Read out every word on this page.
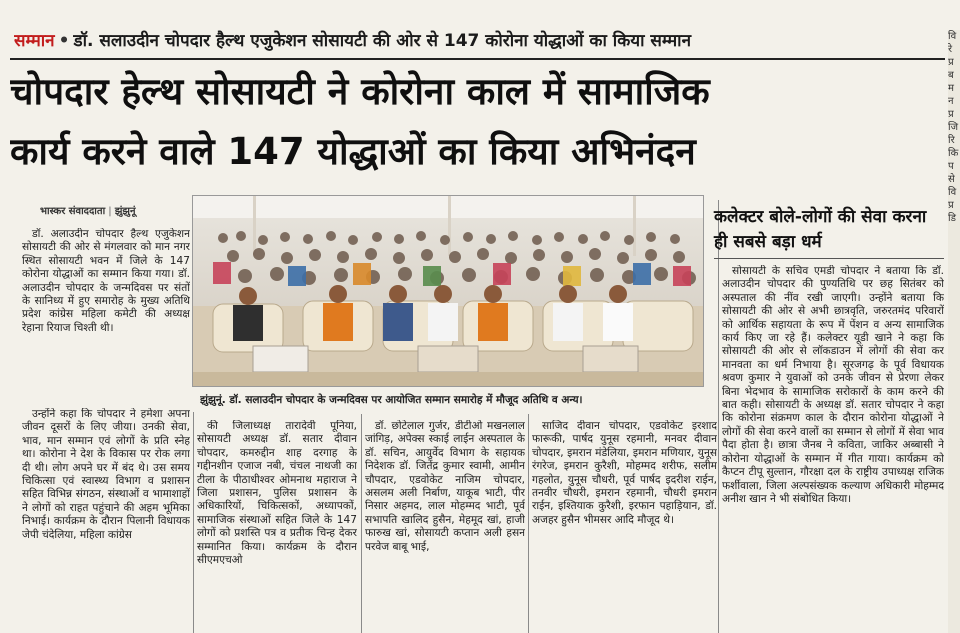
सम्मान • डॉ. सलाउदीन चोपदार हैल्थ एजुकेशन सोसायटी की ओर से 147 कोरोना योद्धाओं का किया सम्मान
चोपदार हेल्थ सोसायटी ने कोरोना काल में सामाजिक
कार्य करने वाले 147 योद्धाओं का किया अभिनंदन
भास्कर संवाददाता | झुंझुनूं

डॉ. अलाउदीन चोपदार हैल्थ एजुकेशन सोसायटी की ओर से मंगलवार को मान नगर स्थित सोसायटी भवन में जिले के 147 कोरोना योद्धाओं का सम्मान किया गया। डॉ. अलाउदीन चोपदार के जन्मदिवस पर संतों के सानिध्य में हुए समारोह के मुख्य अतिथि प्रदेश कांग्रेस महिला कमेटी की अध्यक्ष रेहाना रियाज चिश्ती थी।

उन्होंने कहा कि चोपदार ने हमेशा अपना जीवन दूसरों के लिए जीया। उनकी सेवा, भाव, मान सम्मान एवं लोगों के प्रति स्नेह था। कोरोना ने देश के विकास पर रोक लगा दी थी। लोग अपने घर में बंद थे। उस समय चिकित्सा एवं स्वास्थ्य विभाग व प्रशासन सहित विभिन्न संगठन, संस्थाओं व भामाशाहों ने लोगों को राहत पहुंचाने की अहम भूमिका निभाई। कार्यक्रम के दौरान पिलानी विधायक जेपी चंदेलिया, महिला कांग्रेस

झुंझुनूं. डॉ. सलाउदीन चोपदार के जन्मदिवस पर आयोजित सम्मान समारोह में मौजूद अतिथि व अन्य।

की जिलाध्यक्ष तारादेवी पूनिया, सोसायटी अध्यक्ष डॉ. सतार दीवान चोपदार, कमरुद्दीन शाह दरगाह के गद्दीनशीन एजाज नबी, चंचल नाथजी का टीला के पीठाधीश्वर ओमनाथ महाराज ने जिला प्रशासन, पुलिस प्रशासन के अधिकारियों, चिकित्सकों, अध्यापकों, सामाजिक संस्थाओं सहित जिले के 147 लोगों को प्रशस्ति पत्र व प्रतीक चिन्ह देकर सम्मानित किया। कार्यक्रम के दौरान सीएमएचओ

डॉ. छोटेलाल गुर्जर, डीटीओ मखनलाल जांगिड़, अपेक्स स्काई लाईन अस्पताल के डॉ. सचिन, आयुर्वेद विभाग के सहायक निदेशक डॉ. जितेंद्र कुमार स्वामी, आमीन चौपदार, एडवोकेट नाजिम चोपदार, असलम अली निर्बाण, याकूब भाटी, पीर निसार अहमद, लाल मोहम्मद भाटी, पूर्व सभापति खालिद हुसैन, मेहमूद खां, हाजी फारुख खां, सोसायटी कप्तान अली हसन परवेज बाबू भाई,

साजिद दीवान चोपदार, एडवोकेट इरशाद फारूकी, पार्षद युनूस रहमानी, मनवर दीवान चोपदार, इमरान मंडेलिया, इमरान मणियार, युनूस रंगरेज, इमरान कुरैशी, मोहम्मद शरीफ, सलीम गहलोत, युनूस चौधरी, पूर्व पार्षद इदरीश राईन, तनवीर चौधरी, इमरान रहमानी, चौधरी इमरान राईन, इश्तियाक कुरैशी, इरफान पहाड़ियान, डॉ. अजहर हुसैन भीमसर आदि मौजूद थे।

कलेक्टर बोले-लोगों की सेवा करना ही सबसे बड़ा धर्म

सोसायटी के सचिव एमडी चोपदार ने बताया कि डॉ. अलाउदीन चोपदार की पुण्यतिथि पर छह सितंबर को अस्पताल की नींव रखी जाएगी। उन्होंने बताया कि सोसायटी की ओर से अभी छात्रवृति, जरुरतमंद परिवारों को आर्थिक सहायता के रूप में पेंशन व अन्य सामाजिक कार्य किए जा रहे हैं। कलेक्टर यूडी खाने ने कहा कि सोसायटी की ओर से लॉकडाउन में लोगों की सेवा कर मानवता का धर्म निभाया है। सूरजगढ़ के पूर्व विधायक श्रवण कुमार ने युवाओं को उनके जीवन से प्रेरणा लेकर बिना भेदभाव के सामाजिक सरोकारों के काम करने की बात कही। सोसायटी के अध्यक्ष डॉ. सतार चोपदार ने कहा कि कोरोना संक्रमण काल के दौरान कोरोना योद्धाओं ने लोगों की सेवा करने वालों का सम्मान से लोगों में सेवा भाव पैदा होता है। छात्रा जैनब ने कविता, जाकिर अब्बासी ने कोरोना योद्धाओं के सम्मान में गीत गाया। कार्यक्रम को कैप्टन टीपू सुल्तान, गौरक्षा दल के राष्ट्रीय उपाध्यक्ष राजिक फर्शीवाला, जिला अल्पसंख्यक कल्याण अधिकारी मोहम्मद अनीश खान ने भी संबोधित किया।

वि
रे
प्र
ब
म
न
प्र
जि
रि
कि
प
से
वि
प्र
डि
